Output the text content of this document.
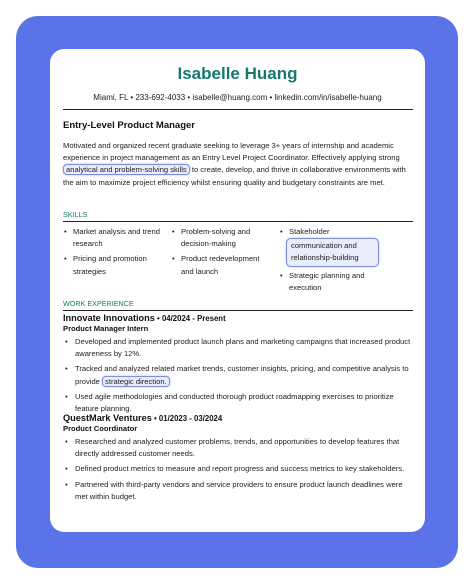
Isabelle Huang
Miami, FL • 233-692-4033 • isabelle@huang.com • linkedin.com/in/isabelle-huang
Entry-Level Product Manager
Motivated and organized recent graduate seeking to leverage 3+ years of internship and academic experience in project management as an Entry Level Project Coordinator. Effectively applying strong analytical and problem-solving skills to create, develop, and thrive in collaborative environments with the aim to maximize project efficiency whilst ensuring quality and budgetary constraints are met.
SKILLS
• Market analysis and trend research
• Pricing and promotion strategies
• Problem-solving and decision-making
• Product redevelopment and launch
• Stakeholder
communication and relationship-building
• Strategic planning and execution
WORK EXPERIENCE
Innovate Innovations • 04/2024 - Present
Product Manager Intern
• Developed and implemented product launch plans and marketing campaigns that increased product awareness by 12%.
• Tracked and analyzed related market trends, customer insights, pricing, and competitive analysis to provide strategic direction.
• Used agile methodologies and conducted thorough product roadmapping exercises to prioritize feature planning.
QuestMark Ventures • 01/2023 - 03/2024
Product Coordinator
• Researched and analyzed customer problems, trends, and opportunities to develop features that directly addressed customer needs.
• Defined product metrics to measure and report progress and success metrics to key stakeholders.
• Partnered with third-party vendors and service providers to ensure product launch deadlines were met within budget.
